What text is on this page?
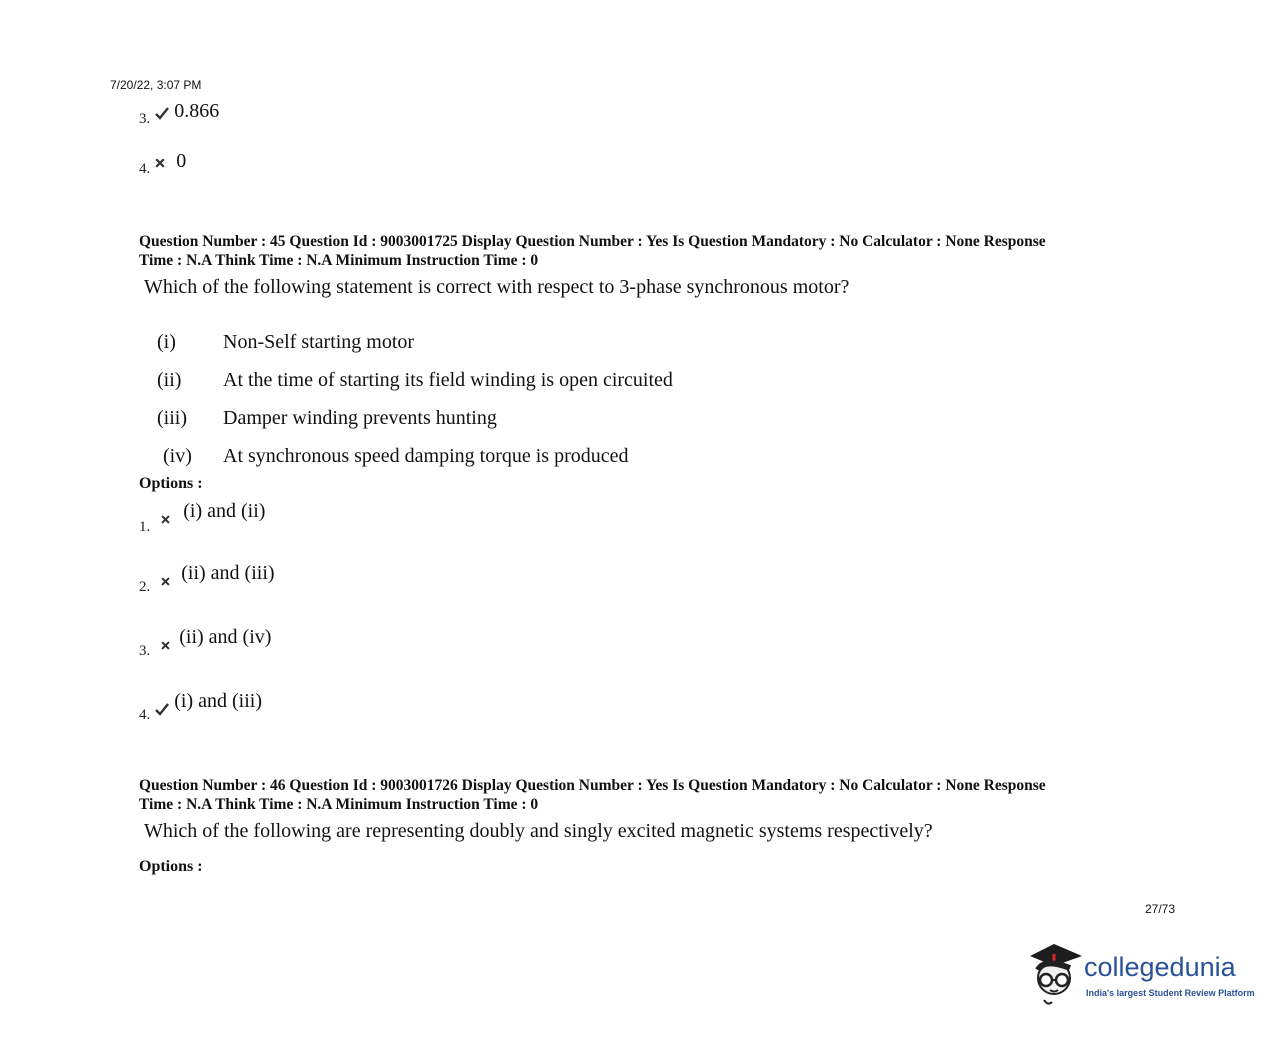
7/20/22, 3:07 PM
3. 0.866
4. 0
Question Number : 45 Question Id : 9003001725 Display Question Number : Yes Is Question Mandatory : No Calculator : None Response
Time : N.A Think Time : N.A Minimum Instruction Time : 0
Which of the following statement is correct with respect to 3-phase synchronous motor?
(i) Non-Self starting motor
(ii) At the time of starting its field winding is open circuited
(iii) Damper winding prevents hunting
(iv) At synchronous speed damping torque is produced
Options :
1.  (i) and (ii)
2.  (ii) and (iii)
3.  (ii) and (iv)
4.  (i) and (iii)
Question Number : 46 Question Id : 9003001726 Display Question Number : Yes Is Question Mandatory : No Calculator : None Response
Time : N.A Think Time : N.A Minimum Instruction Time : 0
Which of the following are representing doubly and singly excited magnetic systems respectively?
Options :
27/73
collegedunia
India's largest Student Review Platform
